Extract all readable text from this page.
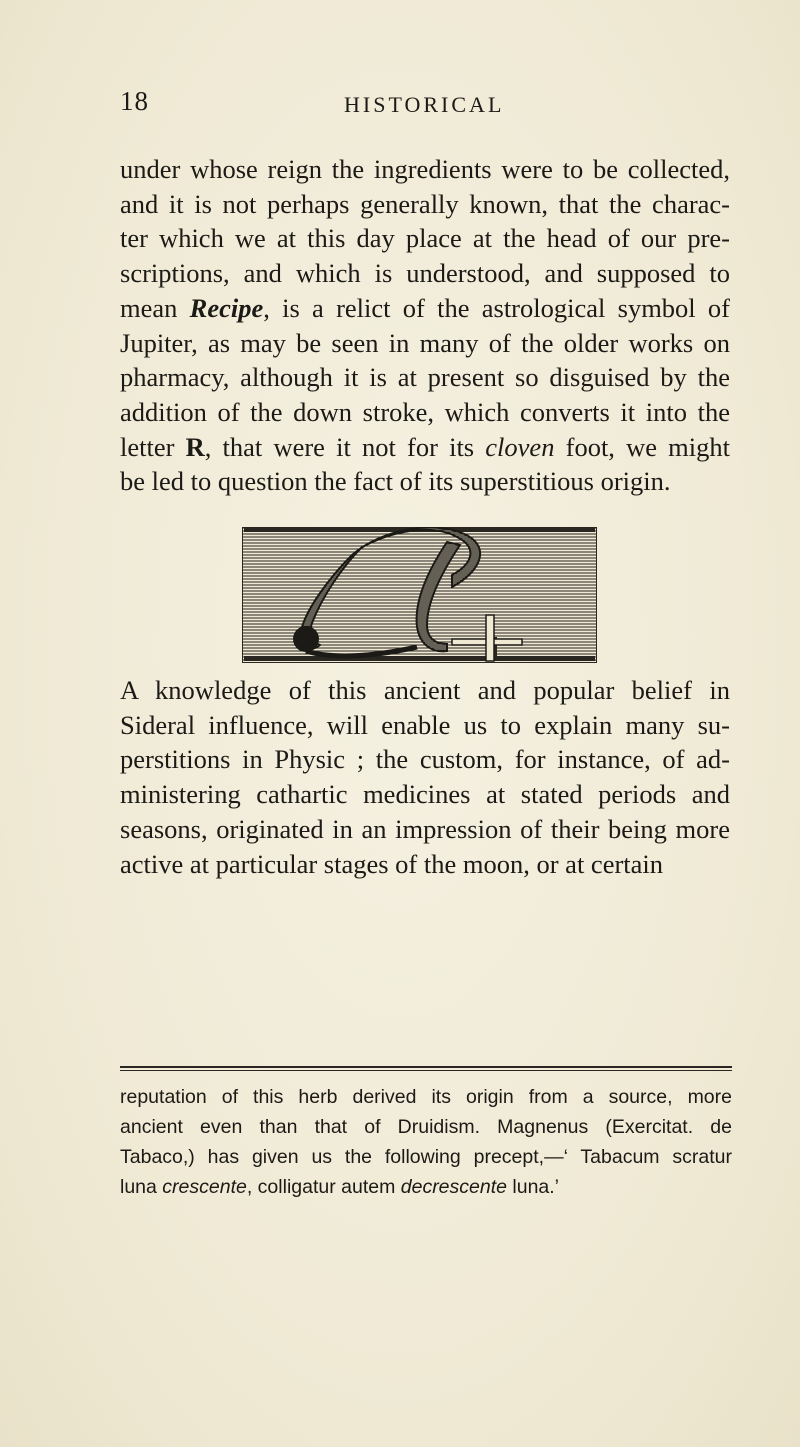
18	HISTORICAL

under whose reign the ingredients were to be collected,
and it is not perhaps generally known, that the charac-
ter which we at this day place at the head of our pre-
scriptions, and which is understood, and supposed to
mean Recipe, is a relict of the astrological symbol of
Jupiter, as may be seen in many of the older works on
pharmacy, although it is at present so disguised by the
addition of the down stroke, which converts it into the
letter R, that were it not for its cloven foot, we might
be led to question the fact of its superstitious origin.

A knowledge of this ancient and popular belief in
Sideral influence, will enable us to explain many su-
perstitions in Physic ; the custom, for instance, of ad-
ministering cathartic medicines at stated periods and
seasons, originated in an impression of their being more
active at particular stages of the moon, or at certain

reputation of this herb derived its origin from a source, more
ancient even than that of Druidism. Magnenus (Exercitat. de
Tabaco,) has given us the following precept,—‘ Tabacum scratur
luna crescente, colligatur autem decrescente luna.’
